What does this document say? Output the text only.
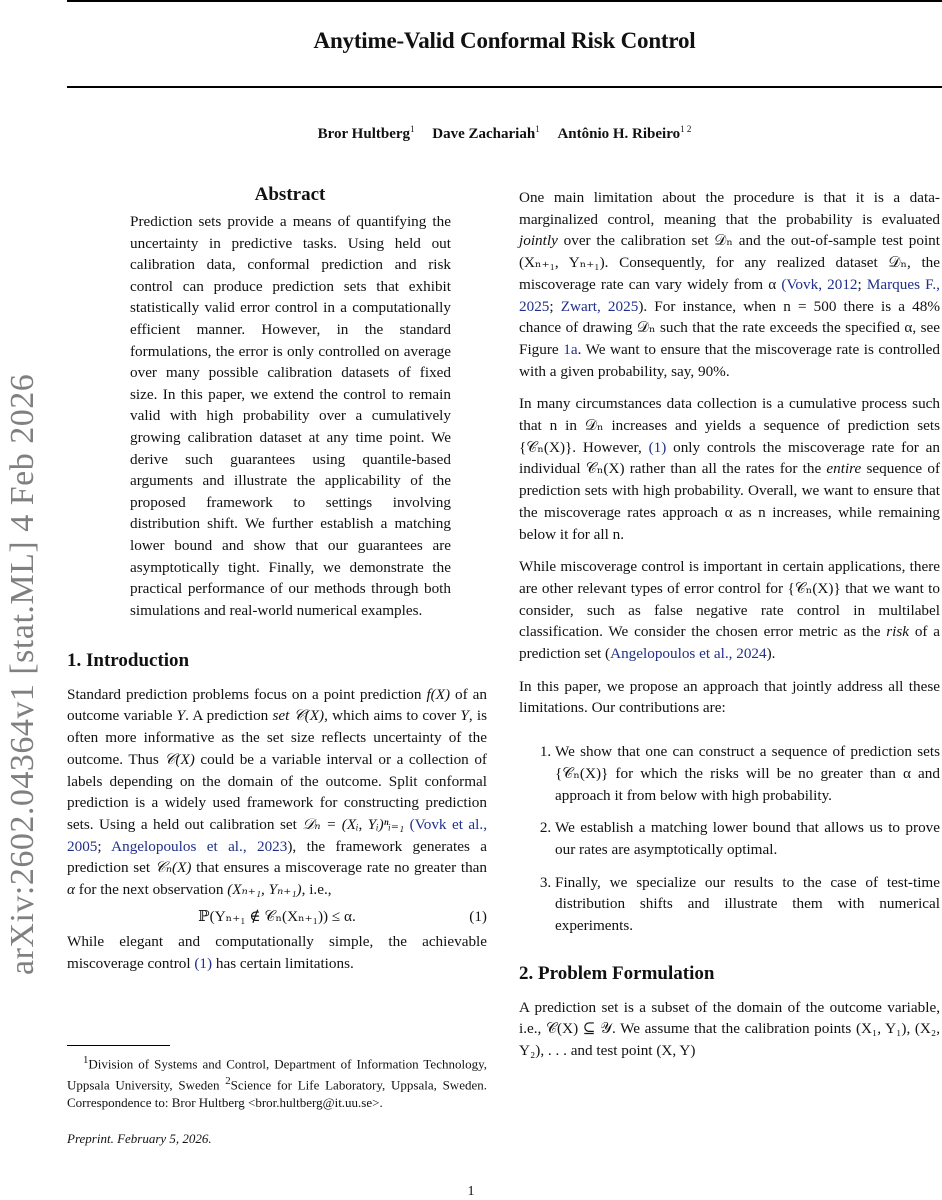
Anytime-Valid Conformal Risk Control
Bror Hultberg$^1$ Dave Zachariah$^1$ Antônio H. Ribeiro$^{1 2}$
arXiv:2602.04364v1 [stat.ML] 4 Feb 2026
Abstract
Prediction sets provide a means of quantifying the uncertainty in predictive tasks. Using held out calibration data, conformal prediction and risk control can produce prediction sets that exhibit statistically valid error control in a computationally efficient manner. However, in the standard formulations, the error is only controlled on average over many possible calibration datasets of fixed size. In this paper, we extend the control to remain valid with high probability over a cumulatively growing calibration dataset at any time point. We derive such guarantees using quantile-based arguments and illustrate the applicability of the proposed framework to settings involving distribution shift. We further establish a matching lower bound and show that our guarantees are asymptotically tight. Finally, we demonstrate the practical performance of our methods through both simulations and real-world numerical examples.
1. Introduction

Standard prediction problems focus on a point prediction f(X) of an outcome variable Y. A prediction set 𝒞(X), which aims to cover Y, is often more informative as the set size reflects uncertainty of the outcome. Thus 𝒞(X) could be a variable interval or a collection of labels depending on the domain of the outcome. Split conformal prediction is a widely used framework for constructing prediction sets. Using a held out calibration set 𝒟ₙ = (Xᵢ, Yᵢ)ⁿᵢ₌₁ (Vovk et al., 2005; Angelopoulos et al., 2023), the framework generates a prediction set 𝒞ₙ(X) that ensures a miscoverage rate no greater than α for the next observation (Xₙ₊₁, Yₙ₊₁), i.e.,

ℙ(Yₙ₊₁ ∉ 𝒞ₙ(Xₙ₊₁)) ≤ α.	(1)

While elegant and computationally simple, the achievable miscoverage control (1) has certain limitations.

$^1$Division of Systems and Control, Department of Information Technology, Uppsala University, Sweden $^2$Science for Life Laboratory, Uppsala, Sweden. Correspondence to: Bror Hultberg <bror.hultberg@it.uu.se>.
Preprint. February 5, 2026.

One main limitation about the procedure is that it is a data-marginalized control, meaning that the probability is evaluated jointly over the calibration set 𝒟ₙ and the out-of-sample test point (Xₙ₊₁, Yₙ₊₁). Consequently, for any realized dataset 𝒟ₙ, the miscoverage rate can vary widely from α (Vovk, 2012; Marques F., 2025; Zwart, 2025). For instance, when n = 500 there is a 48% chance of drawing 𝒟ₙ such that the rate exceeds the specified α, see Figure 1a. We want to ensure that the miscoverage rate is controlled with a given probability, say, 90%.

In many circumstances data collection is a cumulative process such that n in 𝒟ₙ increases and yields a sequence of prediction sets {𝒞ₙ(X)}. However, (1) only controls the miscoverage rate for an individual 𝒞ₙ(X) rather than all the rates for the entire sequence of prediction sets with high probability. Overall, we want to ensure that the miscoverage rates approach α as n increases, while remaining below it for all n.

While miscoverage control is important in certain applications, there are other relevant types of error control for {𝒞ₙ(X)} that we want to consider, such as false negative rate control in multilabel classification. We consider the chosen error metric as the risk of a prediction set (Angelopoulos et al., 2024).

In this paper, we propose an approach that jointly address all these limitations. Our contributions are:

1. We show that one can construct a sequence of prediction sets {𝒞ₙ(X)} for which the risks will be no greater than α and approach it from below with high probability.
2. We establish a matching lower bound that allows us to prove our rates are asymptotically optimal.
3. Finally, we specialize our results to the case of test-time distribution shifts and illustrate them with numerical experiments.
2. Problem Formulation

A prediction set is a subset of the domain of the outcome variable, i.e., 𝒞(X) ⊆ 𝒴. We assume that the calibration points (X₁, Y₁), (X₂, Y₂), . . . and test point (X, Y)

1
